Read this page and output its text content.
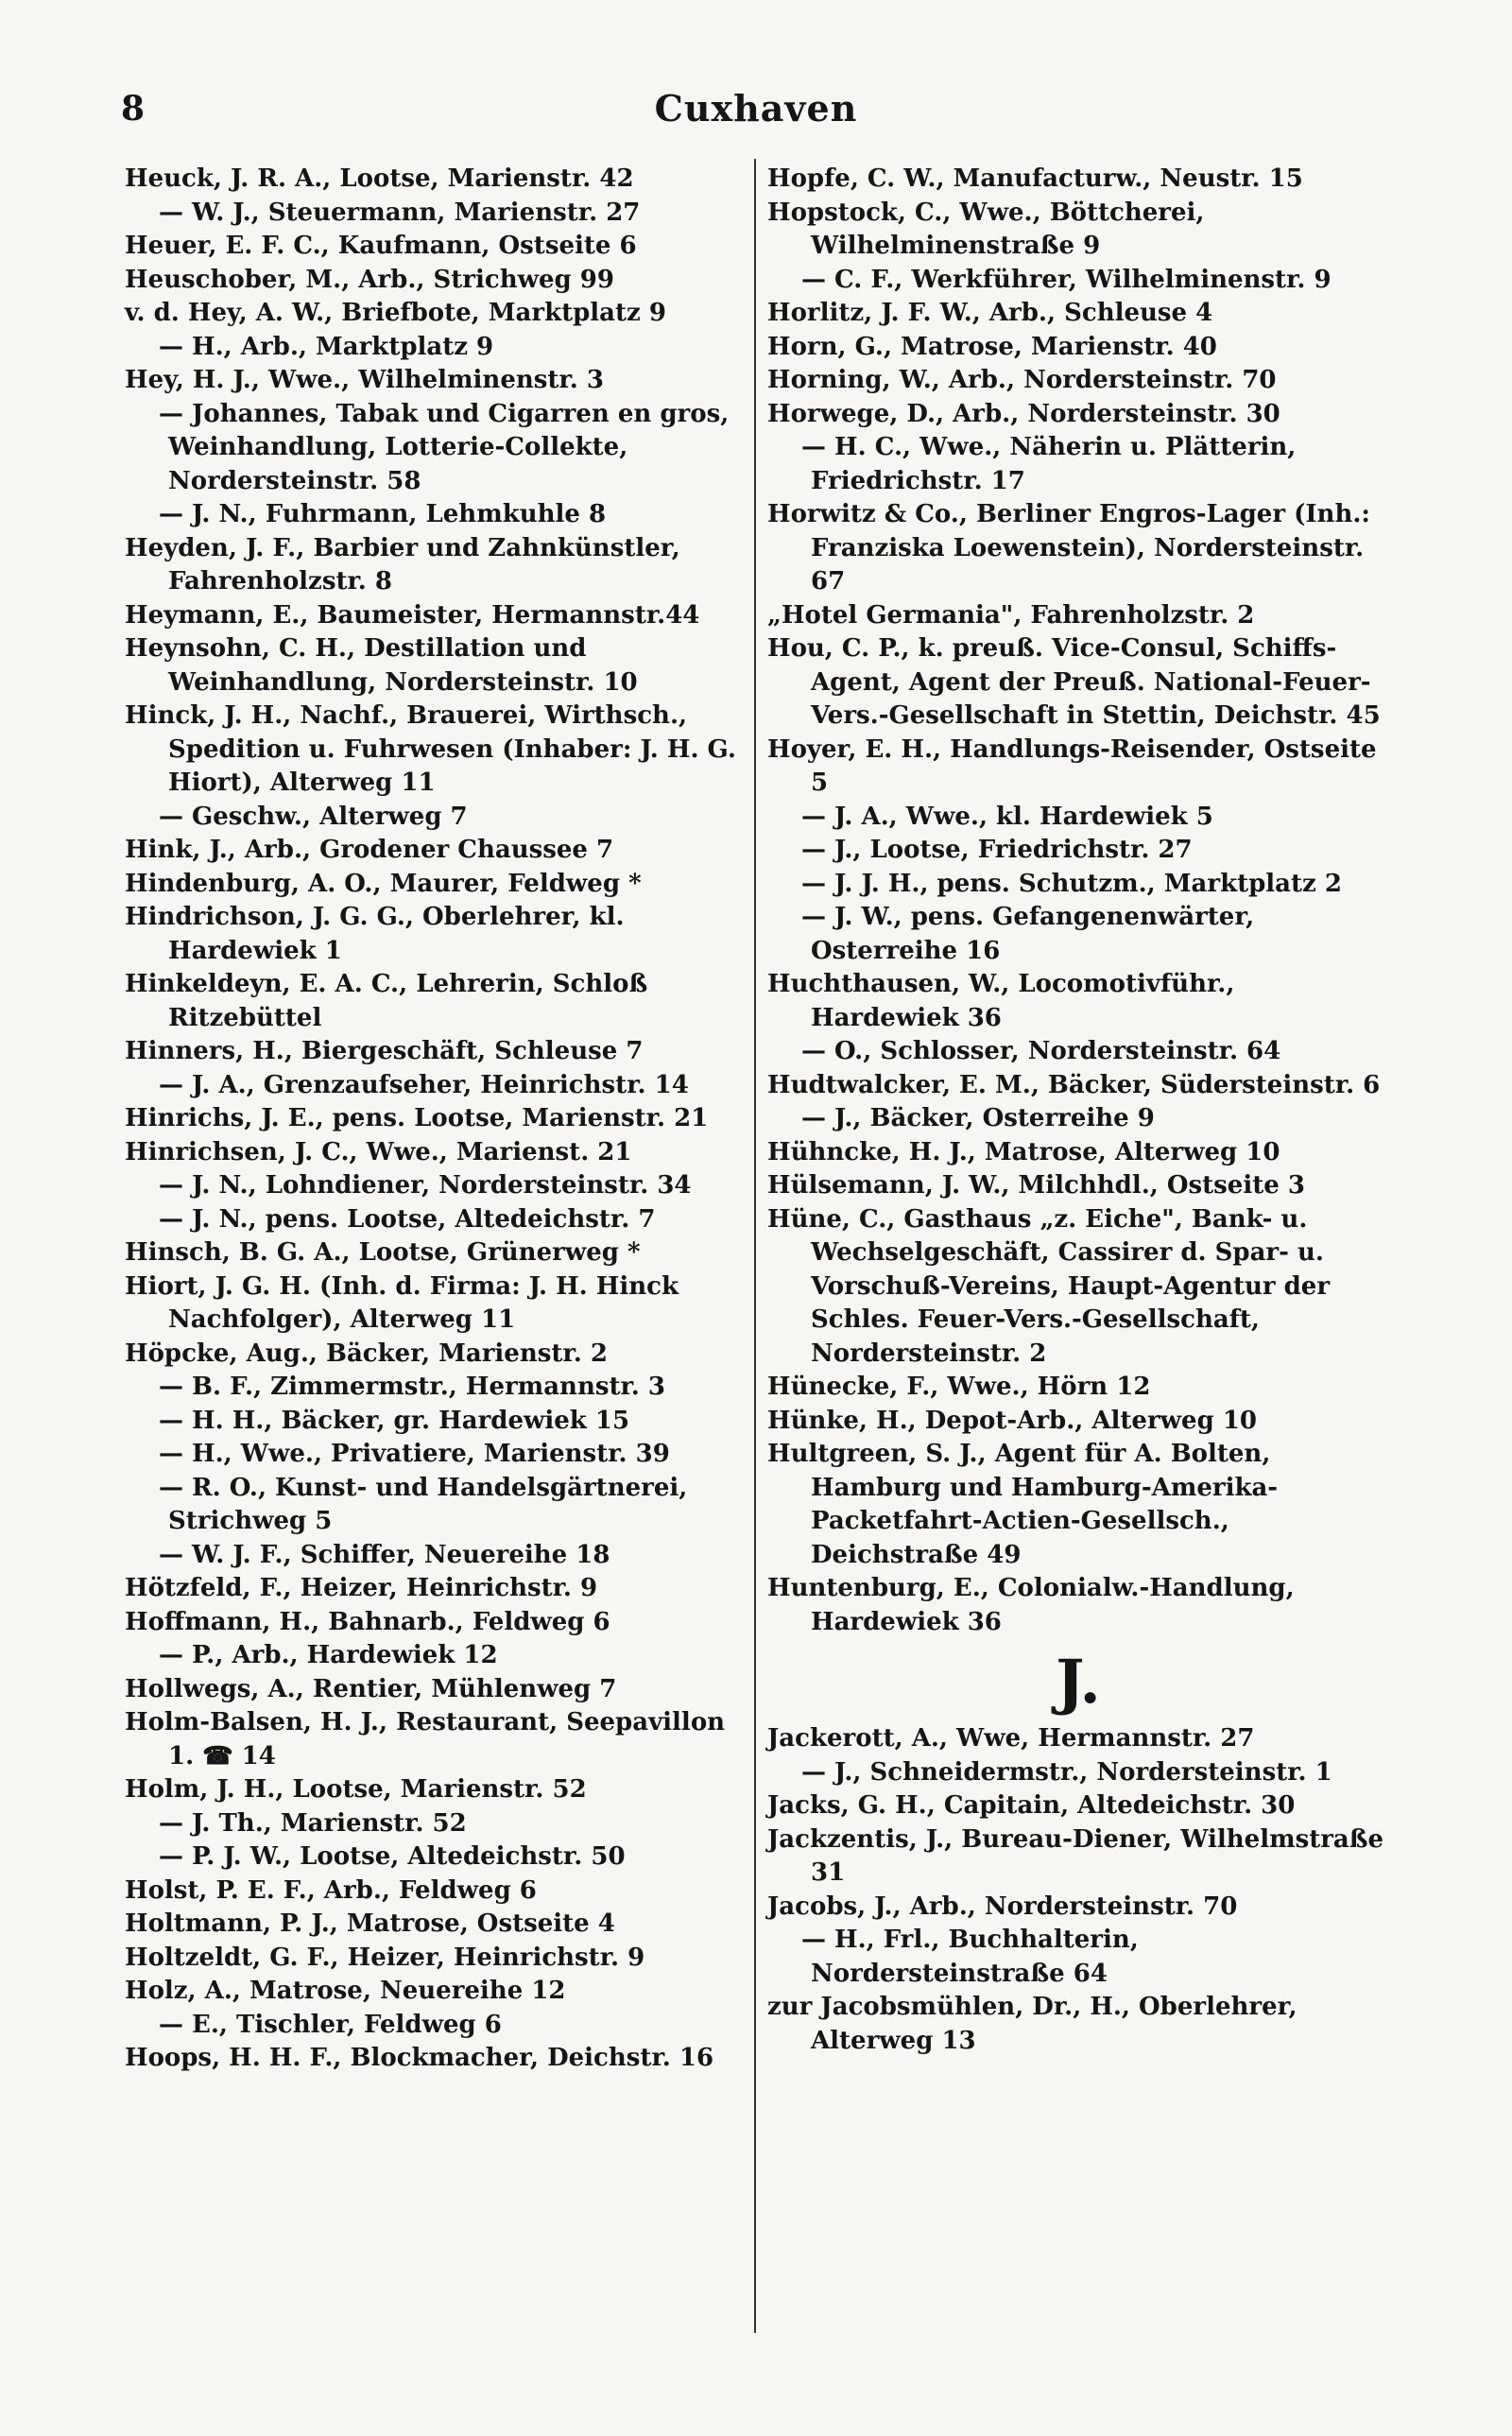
8	Cuxhaven

Heuck, J. R. A., Lootse, Marienstr. 42

— W. J., Steuermann, Marienstr. 27

Heuer, E. F. C., Kaufmann, Ostseite 6

Heuschober, M., Arb., Strichweg 99

v. d. Hey, A. W., Briefbote, Marktplatz 9

— H., Arb., Marktplatz 9

Hey, H. J., Wwe., Wilhelminenstr. 3

— Johannes, Tabak und Cigarren en gros, Weinhandlung, Lotterie-Collekte, Nordersteinstr. 58

— J. N., Fuhrmann, Lehmkuhle 8

Heyden, J. F., Barbier und Zahnkünstler, Fahrenholzstr. 8

Heymann, E., Baumeister, Hermannstr.44

Heynsohn, C. H., Destillation und Weinhandlung, Nordersteinstr. 10

Hinck, J. H., Nachf., Brauerei, Wirthsch., Spedition u. Fuhrwesen (Inhaber: J. H. G. Hiort), Alterweg 11

— Geschw., Alterweg 7

Hink, J., Arb., Grodener Chaussee 7

Hindenburg, A. O., Maurer, Feldweg *

Hindrichson, J. G. G., Oberlehrer, kl. Hardewiek 1

Hinkeldeyn, E. A. C., Lehrerin, Schloß Ritzebüttel

Hinners, H., Biergeschäft, Schleuse 7

— J. A., Grenzaufseher, Heinrichstr. 14

Hinrichs, J. E., pens. Lootse, Marienstr. 21

Hinrichsen, J. C., Wwe., Marienst. 21

— J. N., Lohndiener, Nordersteinstr. 34

— J. N., pens. Lootse, Altedeichstr. 7

Hinsch, B. G. A., Lootse, Grünerweg *

Hiort, J. G. H. (Inh. d. Firma: J. H. Hinck Nachfolger), Alterweg 11

Höpcke, Aug., Bäcker, Marienstr. 2

— B. F., Zimmermstr., Hermannstr. 3

— H. H., Bäcker, gr. Hardewiek 15

— H., Wwe., Privatiere, Marienstr. 39

— R. O., Kunst- und Handelsgärtnerei, Strichweg 5

— W. J. F., Schiffer, Neuereihe 18

Hötzfeld, F., Heizer, Heinrichstr. 9

Hoffmann, H., Bahnarb., Feldweg 6

— P., Arb., Hardewiek 12

Hollwegs, A., Rentier, Mühlenweg 7

Holm-Balsen, H. J., Restaurant, Seepavillon 1. ☎ 14

Holm, J. H., Lootse, Marienstr. 52

— J. Th., Marienstr. 52

— P. J. W., Lootse, Altedeichstr. 50

Holst, P. E. F., Arb., Feldweg 6

Holtmann, P. J., Matrose, Ostseite 4

Holtzeldt, G. F., Heizer, Heinrichstr. 9

Holz, A., Matrose, Neuereihe 12

— E., Tischler, Feldweg 6

Hoops, H. H. F., Blockmacher, Deichstr. 16

Hopfe, C. W., Manufacturw., Neustr. 15

Hopstock, C., Wwe., Böttcherei, Wilhelminenstraße 9

— C. F., Werkführer, Wilhelminenstr. 9

Horlitz, J. F. W., Arb., Schleuse 4

Horn, G., Matrose, Marienstr. 40

Horning, W., Arb., Nordersteinstr. 70

Horwege, D., Arb., Nordersteinstr. 30

— H. C., Wwe., Näherin u. Plätterin, Friedrichstr. 17

Horwitz & Co., Berliner Engros-Lager (Inh.: Franziska Loewenstein), Nordersteinstr. 67

„Hotel Germania", Fahrenholzstr. 2

Hou, C. P., k. preuß. Vice-Consul, Schiffs-Agent, Agent der Preuß. National-Feuer-Vers.-Gesellschaft in Stettin, Deichstr. 45

Hoyer, E. H., Handlungs-Reisender, Ostseite 5

— J. A., Wwe., kl. Hardewiek 5

— J., Lootse, Friedrichstr. 27

— J. J. H., pens. Schutzm., Marktplatz 2

— J. W., pens. Gefangenenwärter, Osterreihe 16

Huchthausen, W., Locomotivführ., Hardewiek 36

— O., Schlosser, Nordersteinstr. 64

Hudtwalcker, E. M., Bäcker, Südersteinstr. 6

— J., Bäcker, Osterreihe 9

Hühncke, H. J., Matrose, Alterweg 10

Hülsemann, J. W., Milchhdl., Ostseite 3

Hüne, C., Gasthaus „z. Eiche", Bank- u. Wechselgeschäft, Cassirer d. Spar- u. Vorschuß-Vereins, Haupt-Agentur der Schles. Feuer-Vers.-Gesellschaft, Nordersteinstr. 2

Hünecke, F., Wwe., Hörn 12

Hünke, H., Depot-Arb., Alterweg 10

Hultgreen, S. J., Agent für A. Bolten, Hamburg und Hamburg-Amerika-Packetfahrt-Actien-Gesellsch., Deichstraße 49

Huntenburg, E., Colonialw.-Handlung, Hardewiek 36

J.

Jackerott, A., Wwe, Hermannstr. 27

— J., Schneidermstr., Nordersteinstr. 1

Jacks, G. H., Capitain, Altedeichstr. 30

Jackzentis, J., Bureau-Diener, Wilhelmstraße 31

Jacobs, J., Arb., Nordersteinstr. 70

— H., Frl., Buchhalterin, Nordersteinstraße 64

zur Jacobsmühlen, Dr., H., Oberlehrer, Alterweg 13
